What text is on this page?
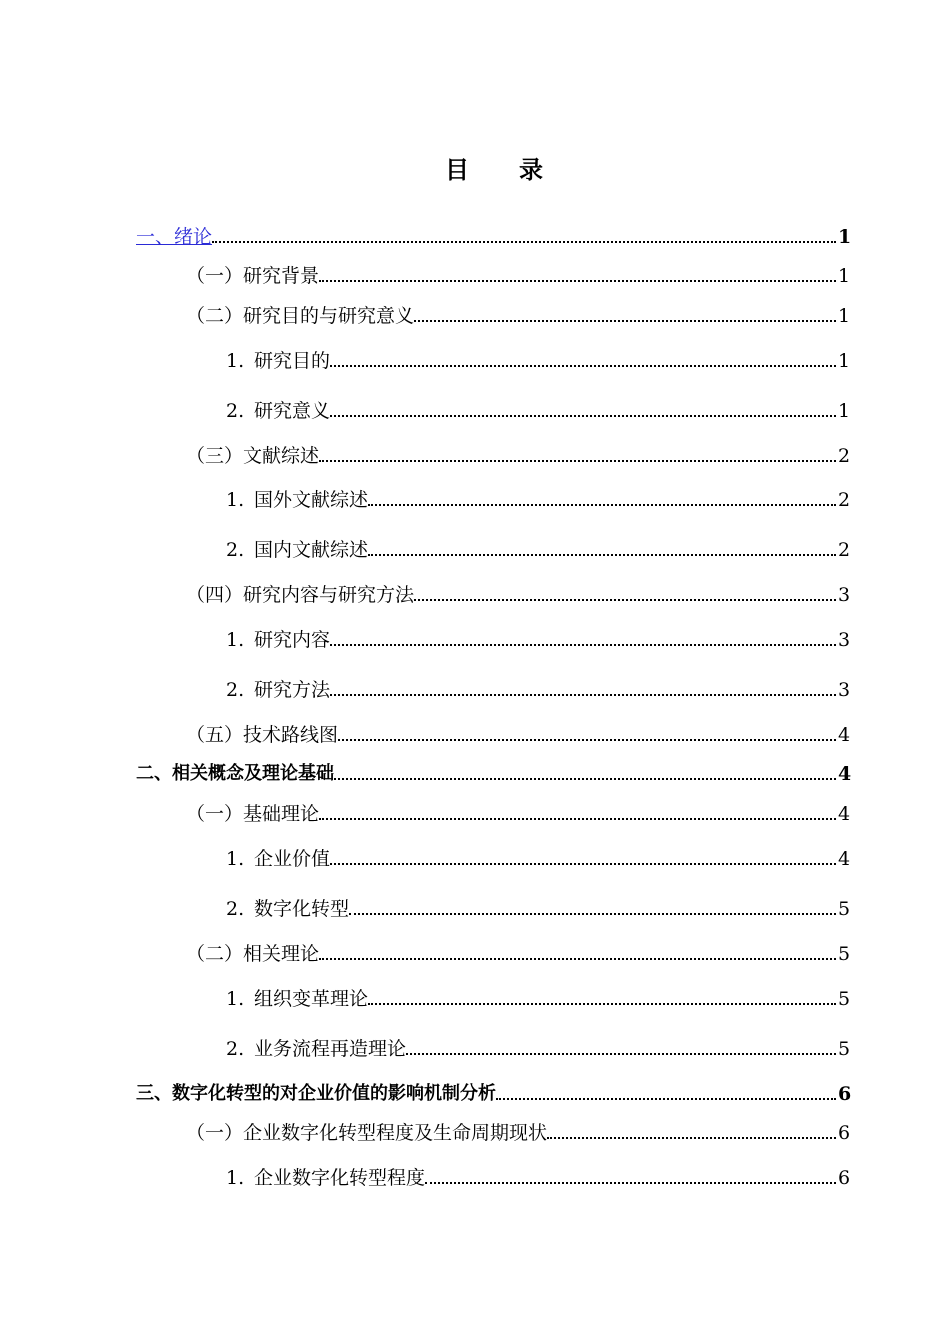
目 录
一、绪论	1
（一）研究背景	1
（二）研究目的与研究意义	1
1. 研究目的	1
2. 研究意义	1
（三）文献综述	2
1. 国外文献综述	2
2. 国内文献综述	2
（四）研究内容与研究方法	3
1. 研究内容	3
2. 研究方法	3
（五）技术路线图	4
二、相关概念及理论基础	4
（一）基础理论	4
1. 企业价值	4
2. 数字化转型	5
（二）相关理论	5
1. 组织变革理论	5
2. 业务流程再造理论	5
三、数字化转型的对企业价值的影响机制分析	6
（一）企业数字化转型程度及生命周期现状	6
1. 企业数字化转型程度	6
